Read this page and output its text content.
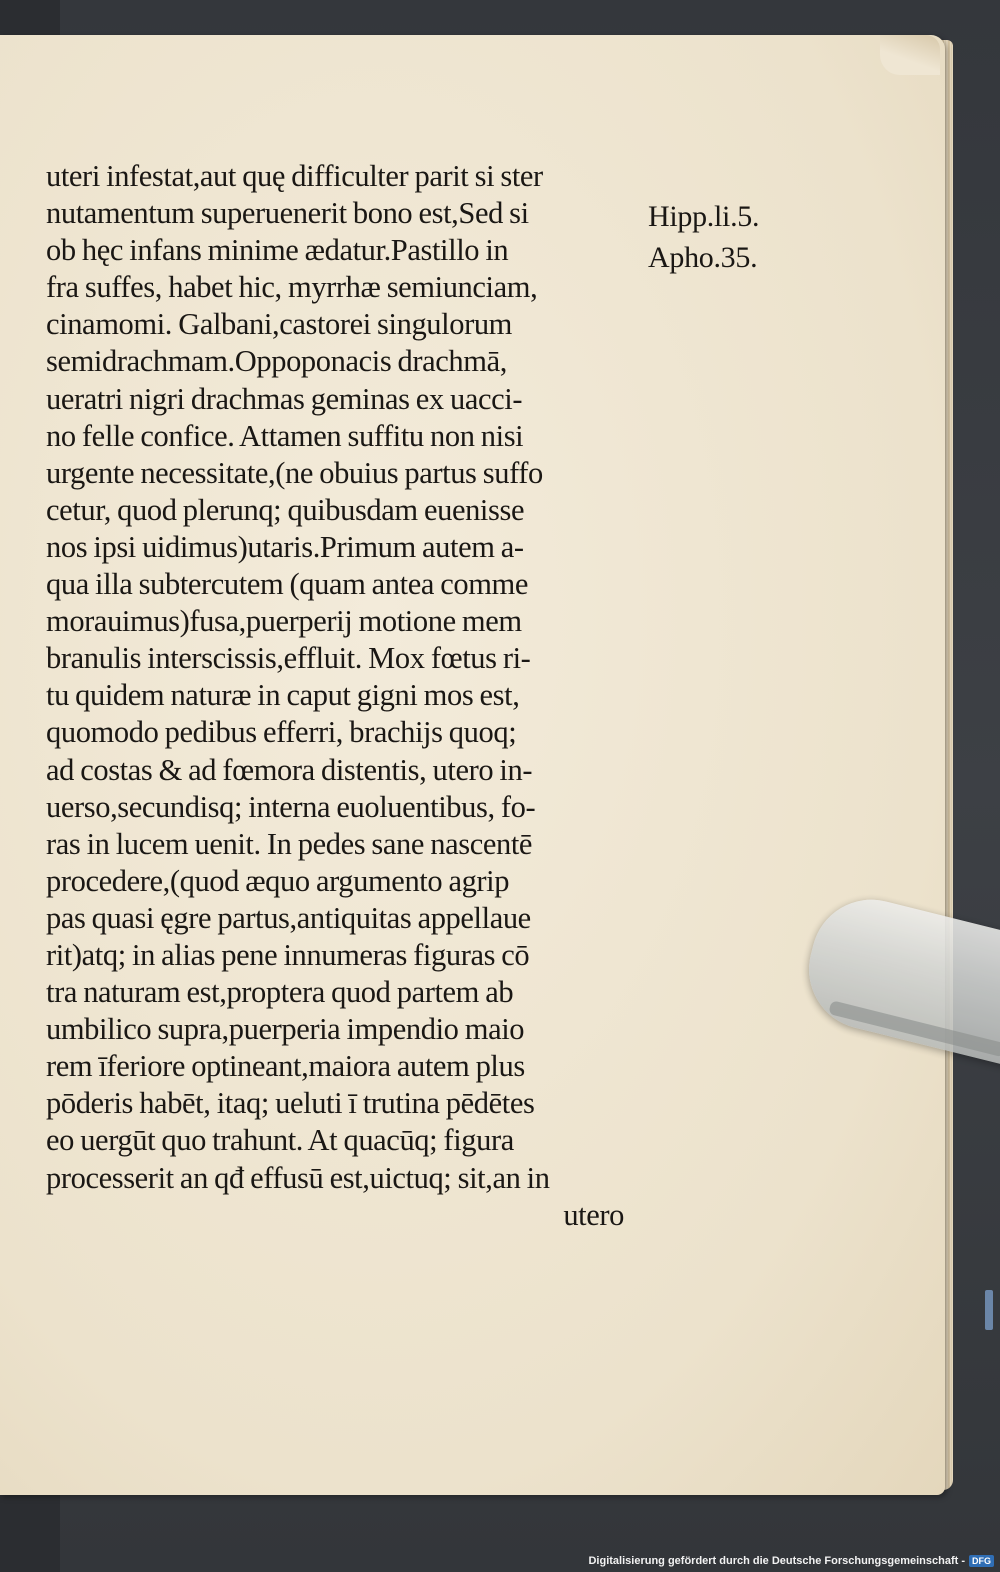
uteri infestat,aut quę difficulter parit si ster
nutamentum superuenerit bono est,Sed si
ob hęc infans minime ædatur.Pastillo in
fra suffes, habet hic, myrrhæ semiunciam,
cinamomi. Galbani,castorei singulorum
semidrachmam.Oppoponacis drachmā,
ueratri nigri drachmas geminas ex uacci-
no felle confice. Attamen suffitu non nisi
urgente necessitate,(ne obuius partus suffo
cetur, quod plerunq; quibusdam euenisse
nos ipsi uidimus)utaris.Primum autem a-
qua illa subtercutem (quam antea comme
morauimus)fusa,puerperij motione mem
branulis interscissis,effluit. Mox fœtus ri-
tu quidem naturæ in caput gigni mos est,
quomodo pedibus efferri, brachijs quoq;
ad costas & ad fœmora distentis, utero in-
uerso,secundisq; interna euoluentibus, fo-
ras in lucem uenit. In pedes sane nascentē
procedere,(quod æquo argumento agrip
pas quasi ęgre partus,antiquitas appellaue
rit)atq; in alias pene innumeras figuras cō
tra naturam est,proptera quod partem ab
umbilico supra,puerperia impendio maio
rem īferiore optineant,maiora autem plus
pōderis habēt, itaq; ueluti ī trutina pēdētes
eo uergūt quo trahunt. At quacūq; figura
processerit an qđ effusū est,uictuq; sit,an in
utero
Hipp.li.5.
Apho.35.
Digitalisierung gefördert durch die Deutsche Forschungsgemeinschaft - DFG
